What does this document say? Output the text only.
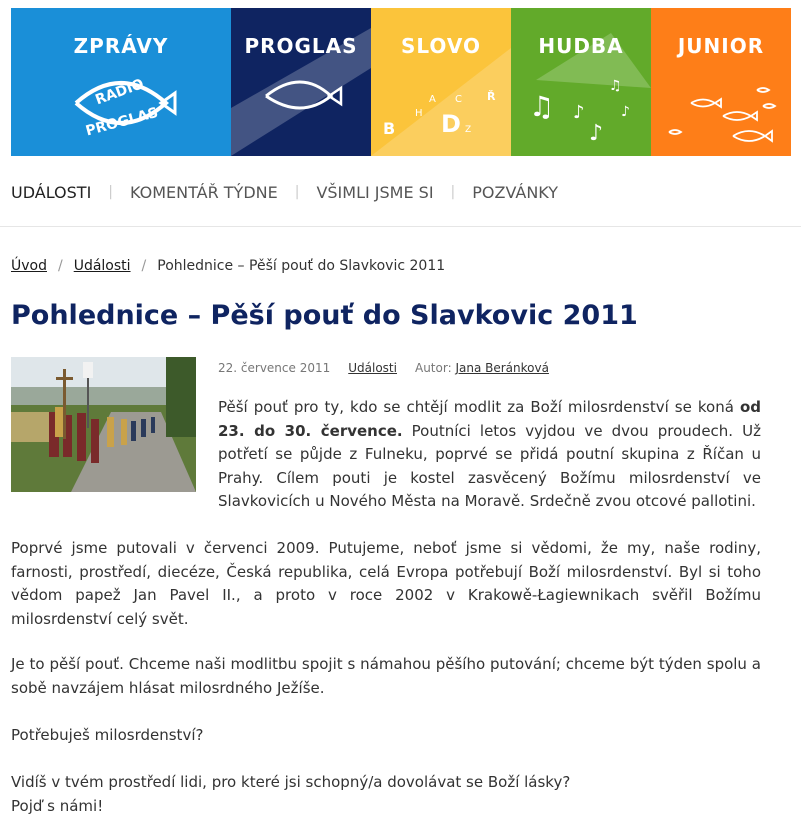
ZPRÁVY
RADIO
PROGLAS
PROGLAS
B
H
A C
D Z
Ř
SLOVO
♫ ♪
♪
♫
♪
HUDBA	JUNIOR
UDÁLOSTI | KOMENTÁŘ TÝDNE | VŠIMLI JSME SI | POZVÁNKY
Úvod / Události / Pohlednice – Pěší pouť do Slavkovic 2011
Pohlednice – Pěší pouť do Slavkovic 2011
22. července 2011 Události Autor: Jana Beránková

Pěší pouť pro ty, kdo se chtějí modlit za Boží milosrdenství se koná od 23. do 30. července. Poutníci letos vyjdou ve dvou proudech. Už potřetí se půjde z Fulneku, poprvé se přidá poutní skupina z Říčan u Prahy. Cílem pouti je kostel zasvěcený Božímu milosrdenství ve Slavkovicích u Nového Města na Moravě. Srdečně zvou otcové pallotini.

Poprvé jsme putovali v červenci 2009. Putujeme, neboť jsme si vědomi, že my, naše rodiny, farnosti, prostředí, diecéze, Česká republika, celá Evropa potřebují Boží milosrdenství. Byl si toho vědom papež Jan Pavel II., a proto v roce 2002 v Krakowě-Łagiewnikach svěřil Božímu milosrdenství celý svět.

Je to pěší pouť. Chceme naši modlitbu spojit s námahou pěšího putování; chceme být týden spolu a sobě navzájem hlásat milosrdného Ježíše.

Potřebuješ milosrdenství?

Vidíš v tvém prostředí lidi, pro které jsi schopný/a dovolávat se Boží lásky?

Pojď s námi!
